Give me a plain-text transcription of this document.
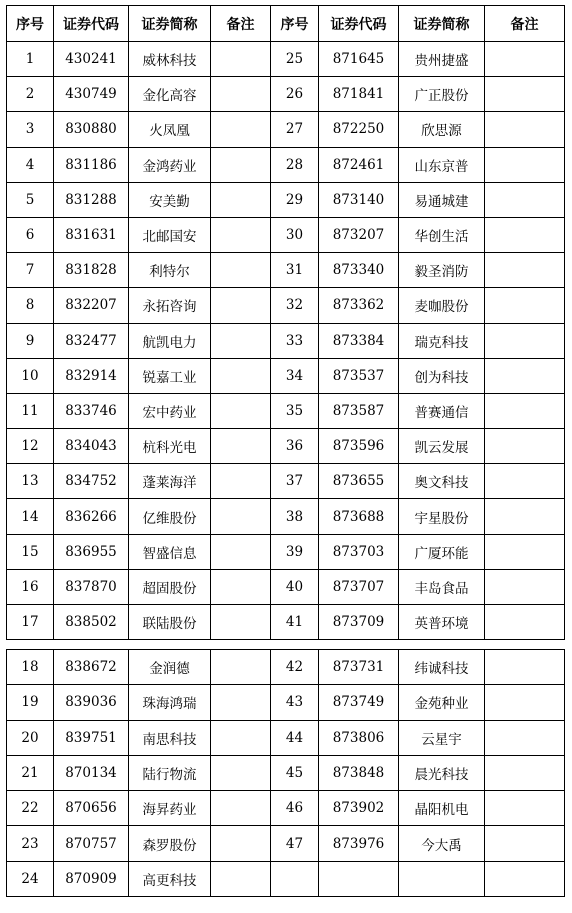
序号	证券代码	证券简称	备注	序号	证券代码	证券简称	备注
1	430241	威林科技		25	871645	贵州捷盛	
2	430749	金化高容		26	871841	广正股份	
3	830880	火凤凰		27	872250	欣思源	
4	831186	金鸿药业		28	872461	山东京普	
5	831288	安美勤		29	873140	易通城建	
6	831631	北邮国安		30	873207	华创生活	
7	831828	利特尔		31	873340	毅圣消防	
8	832207	永拓咨询		32	873362	麦咖股份	
9	832477	航凯电力		33	873384	瑞克科技	
10	832914	锐嘉工业		34	873537	创为科技	
11	833746	宏中药业		35	873587	普赛通信	
12	834043	杭科光电		36	873596	凯云发展	
13	834752	蓬莱海洋		37	873655	奥文科技	
14	836266	亿维股份		38	873688	宇星股份	
15	836955	智盛信息		39	873703	广厦环能	
16	837870	超固股份		40	873707	丰岛食品	
17	838502	联陆股份		41	873709	英普环境	
18	838672	金润德		42	873731	纬诚科技	
19	839036	珠海鸿瑞		43	873749	金苑种业	
20	839751	南思科技		44	873806	云星宇	
21	870134	陆行物流		45	873848	晨光科技	
22	870656	海昇药业		46	873902	晶阳机电	
23	870757	森罗股份		47	873976	今大禹	
24	870909	高更科技					
